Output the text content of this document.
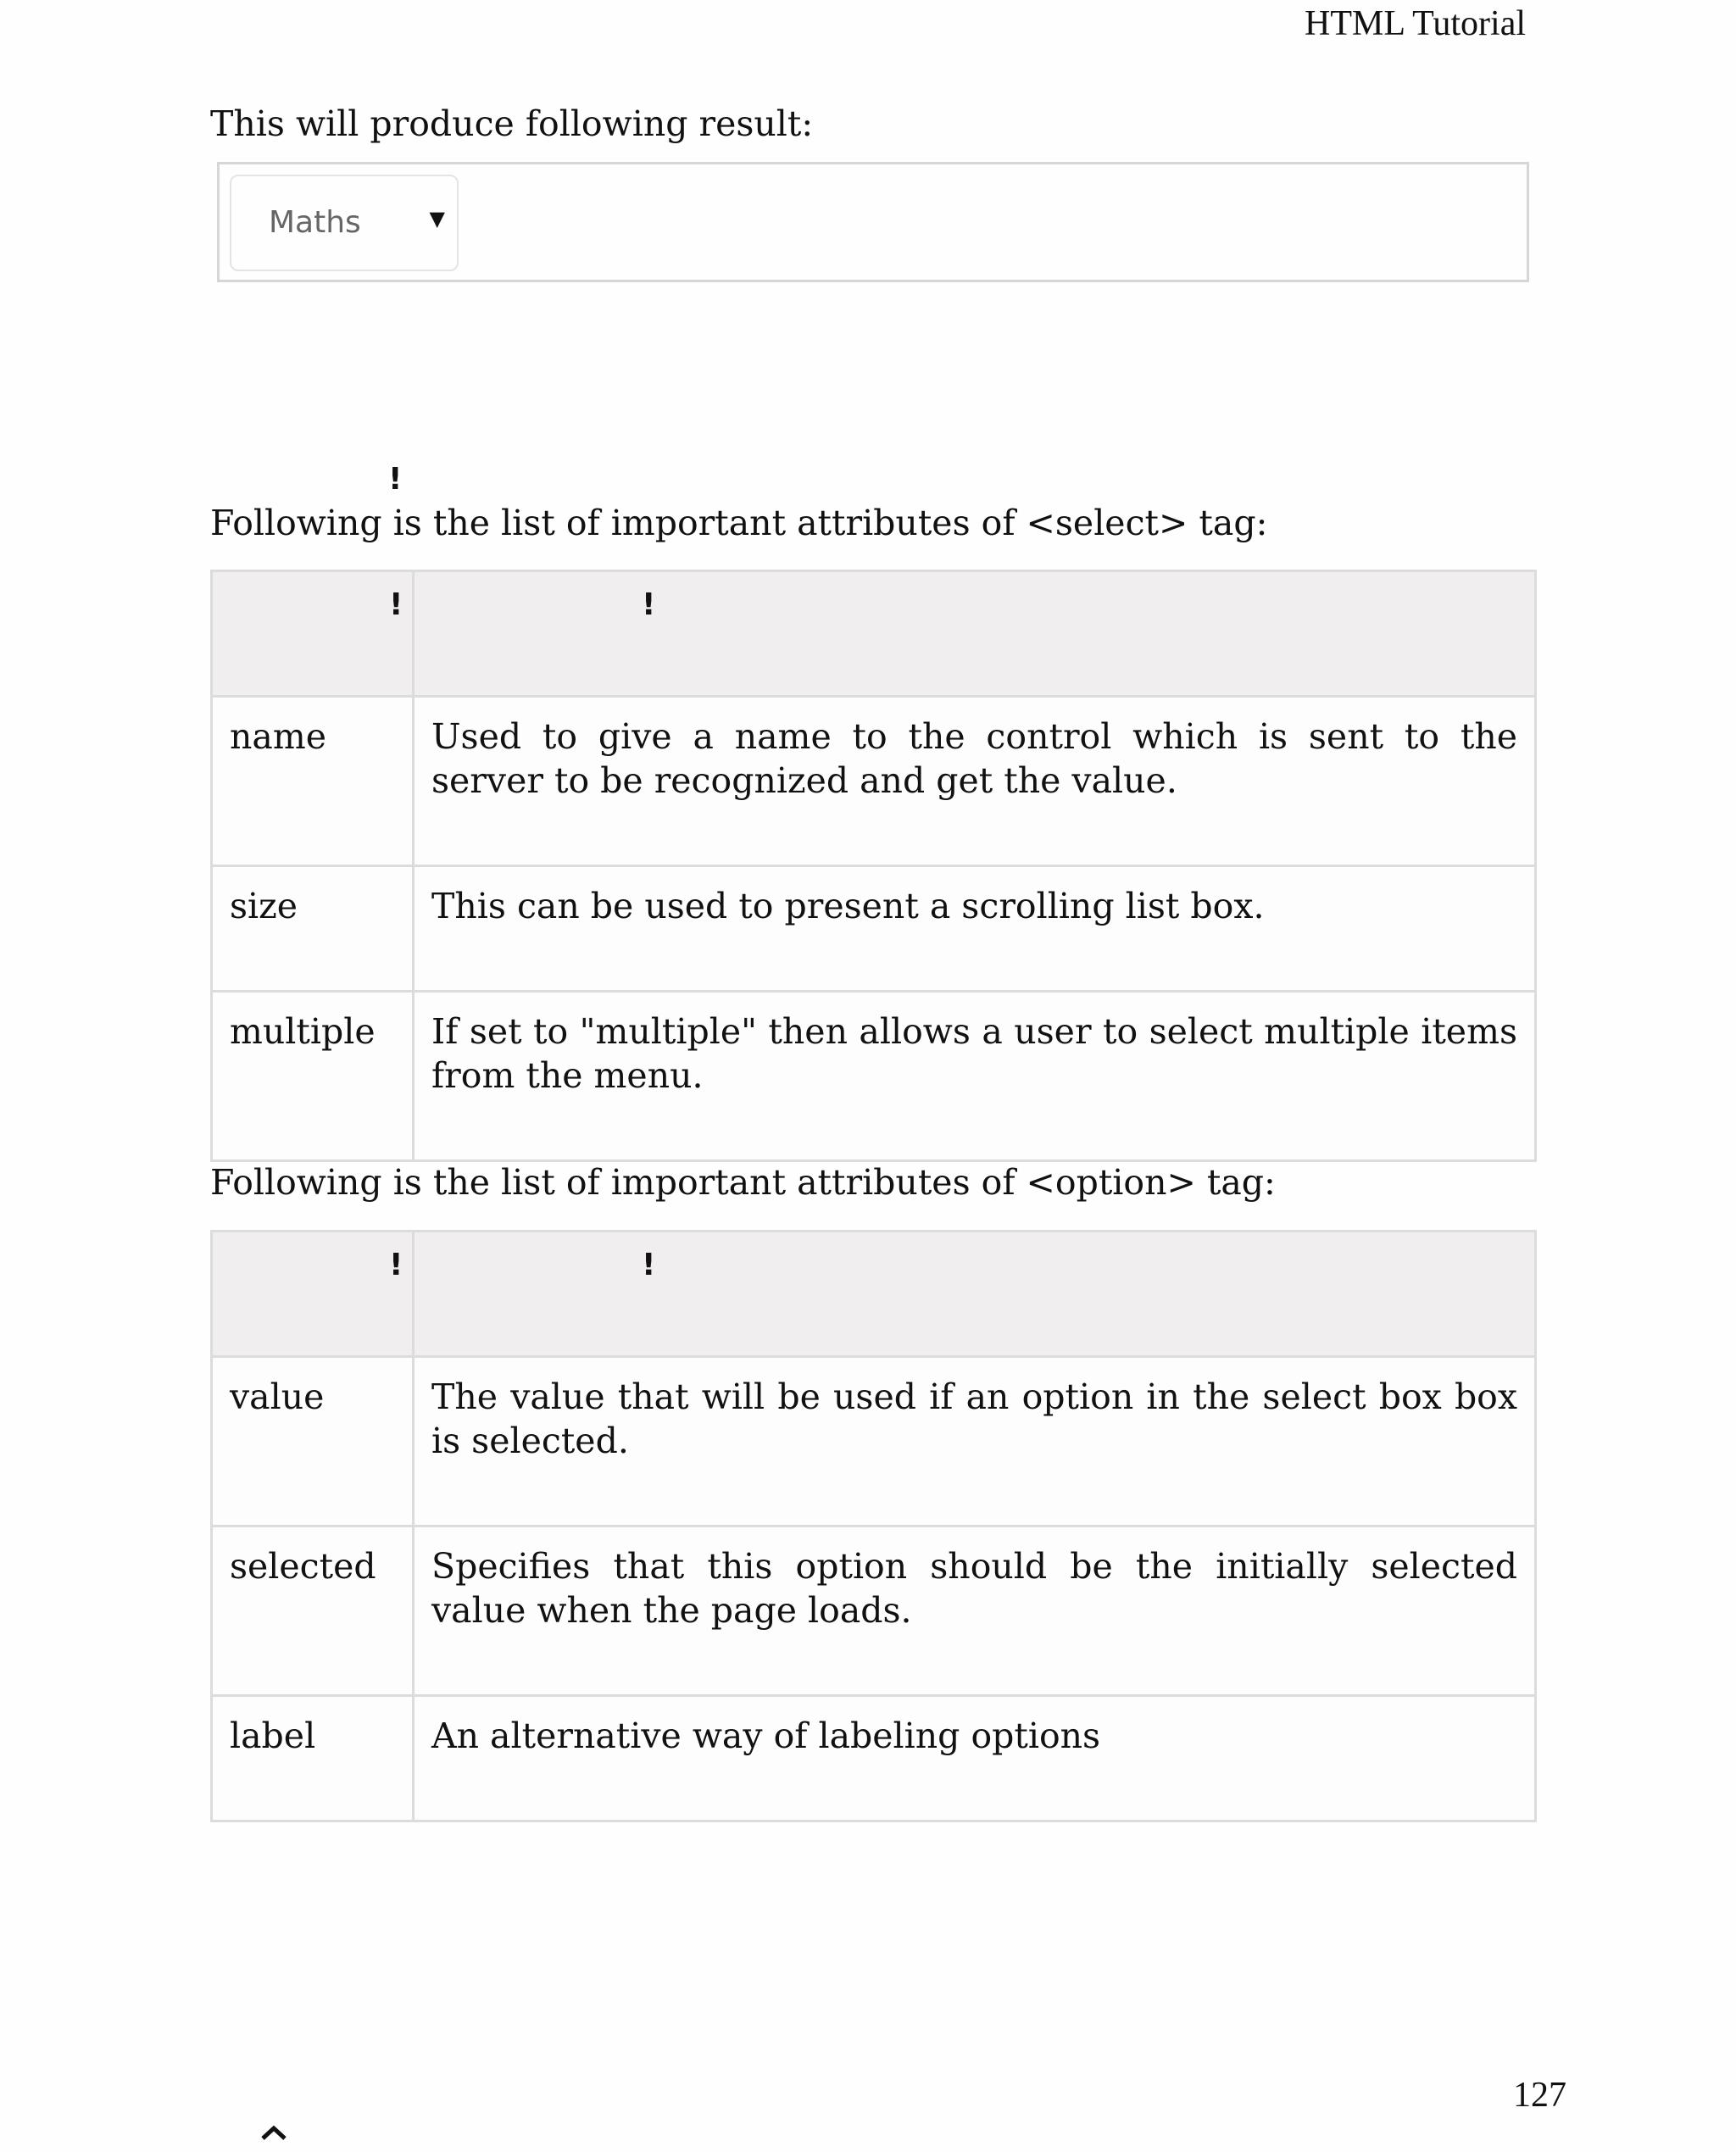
HTML Tutorial
This will produce following result:
Maths	▼
!
Following is the list of important attributes of <select> tag:
!	!

name	Used to give a name to the control which is sent to the server to be recognized and get the value.
size	This can be used to present a scrolling list box.
multiple	If set to "multiple" then allows a user to select multiple items from the menu.
Following is the list of important attributes of <option> tag:
!	!

value	The value that will be used if an option in the select box box is selected.
selected	Specifies that this option should be the initially selected value when the page loads.
label	An alternative way of labeling options
127
